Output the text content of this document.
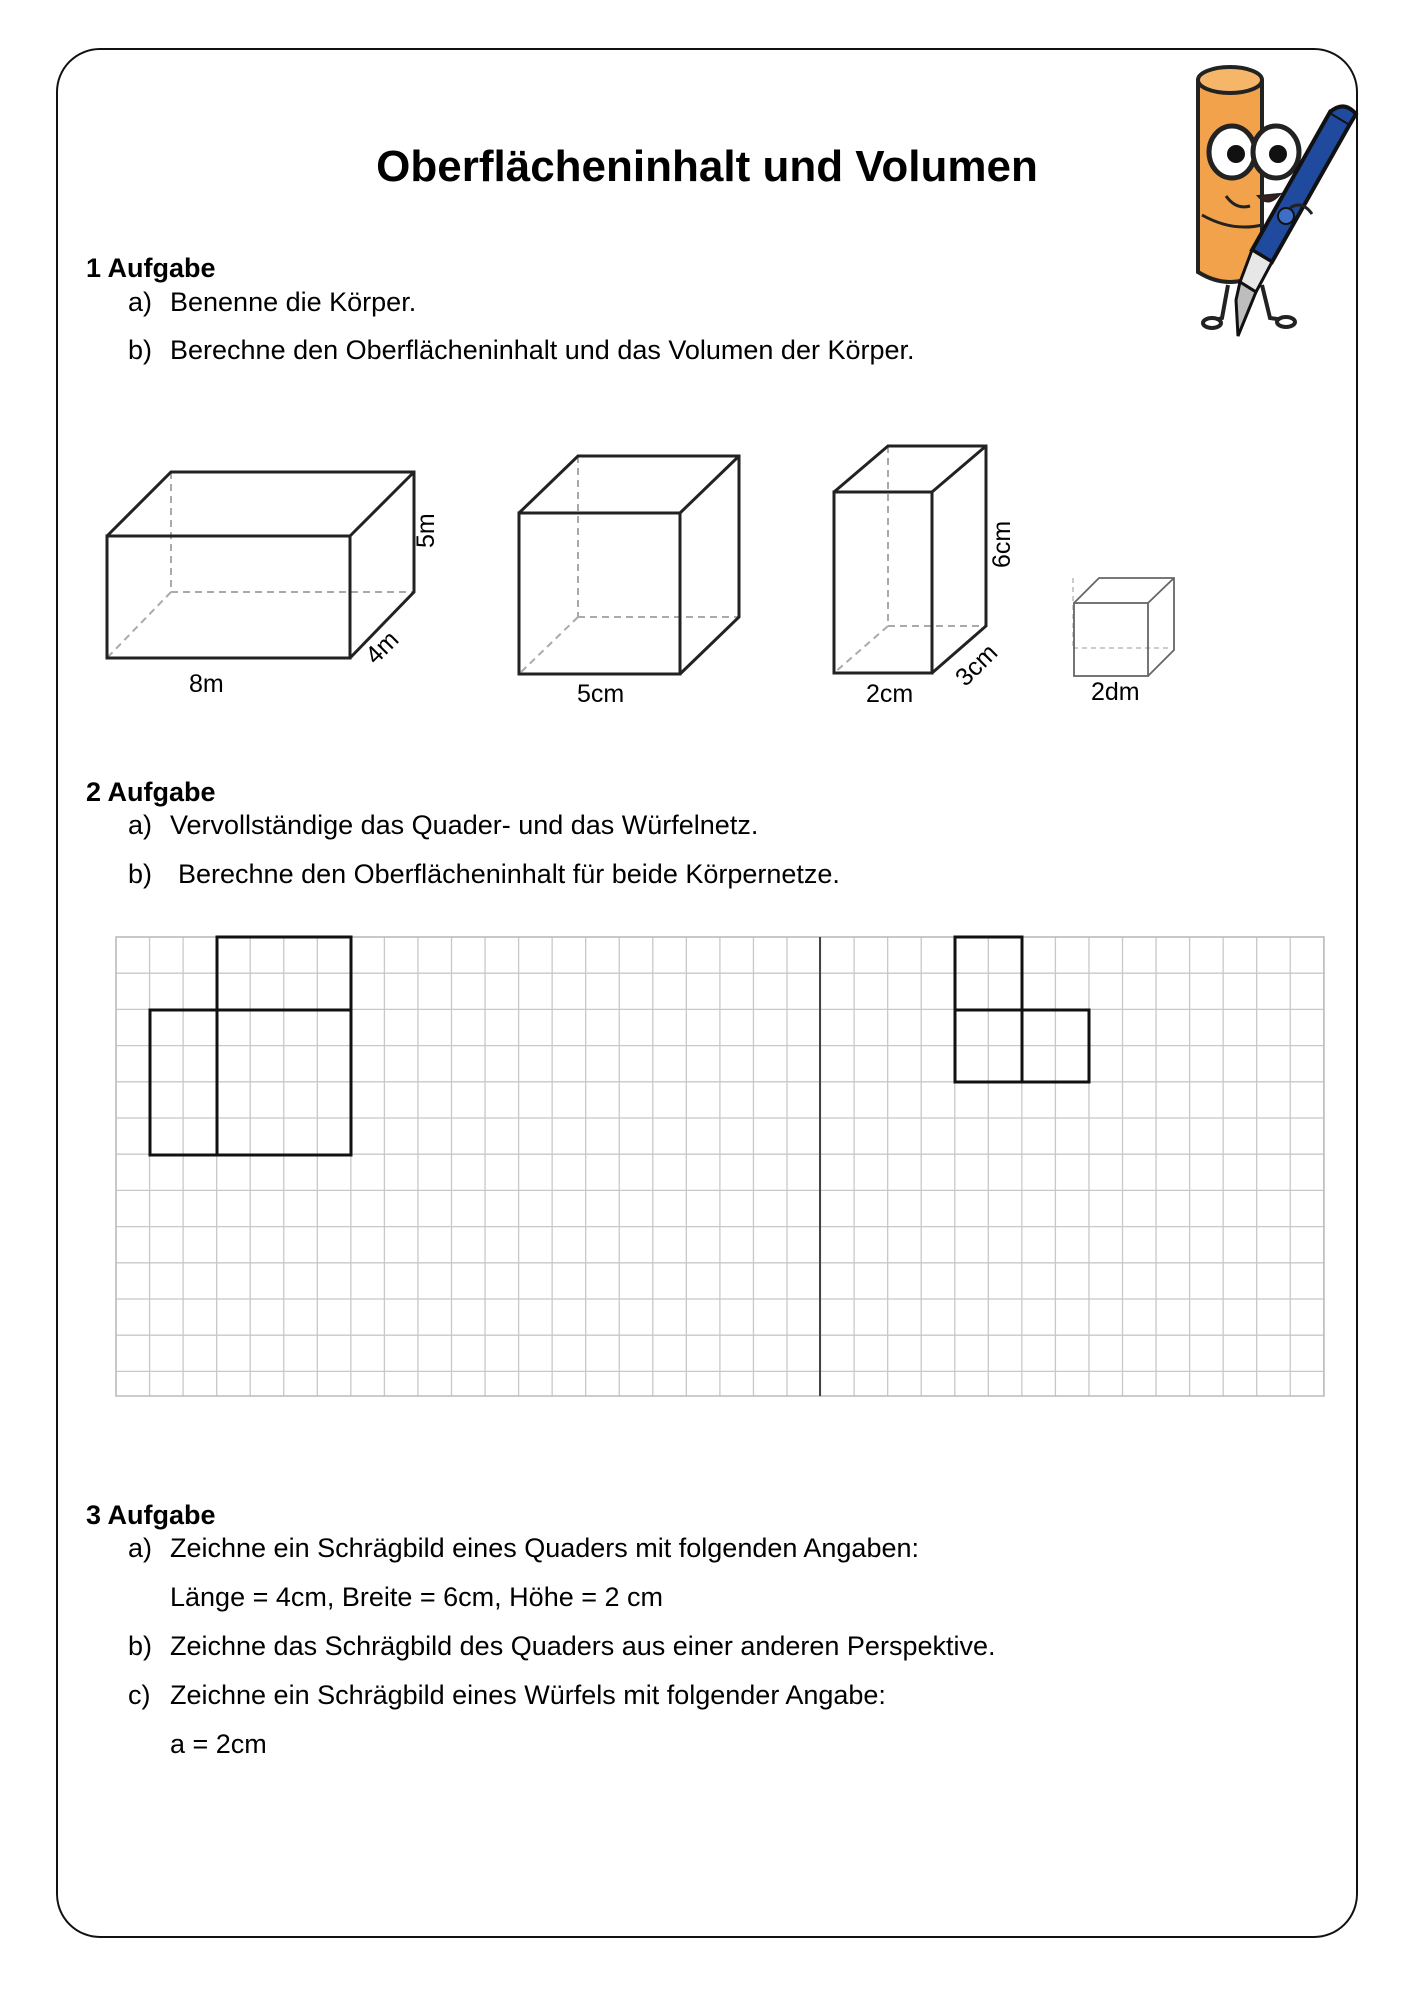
Oberflächeninhalt und Volumen
1 Aufgabe
a) Benenne die Körper.
b) Berechne den Oberflächeninhalt und das Volumen der Körper.
8m
5m
4m
5cm	2cm
6cm
3cm
2dm
2 Aufgabe
a) Vervollständige das Quader- und das Würfelnetz.
b) Berechne den Oberflächeninhalt für beide Körpernetze.
3 Aufgabe
a) Zeichne ein Schrägbild eines Quaders mit folgenden Angaben:
Länge = 4cm, Breite = 6cm, Höhe = 2 cm
b) Zeichne das Schrägbild des Quaders aus einer anderen Perspektive.
c) Zeichne ein Schrägbild eines Würfels mit folgender Angabe:
a = 2cm
